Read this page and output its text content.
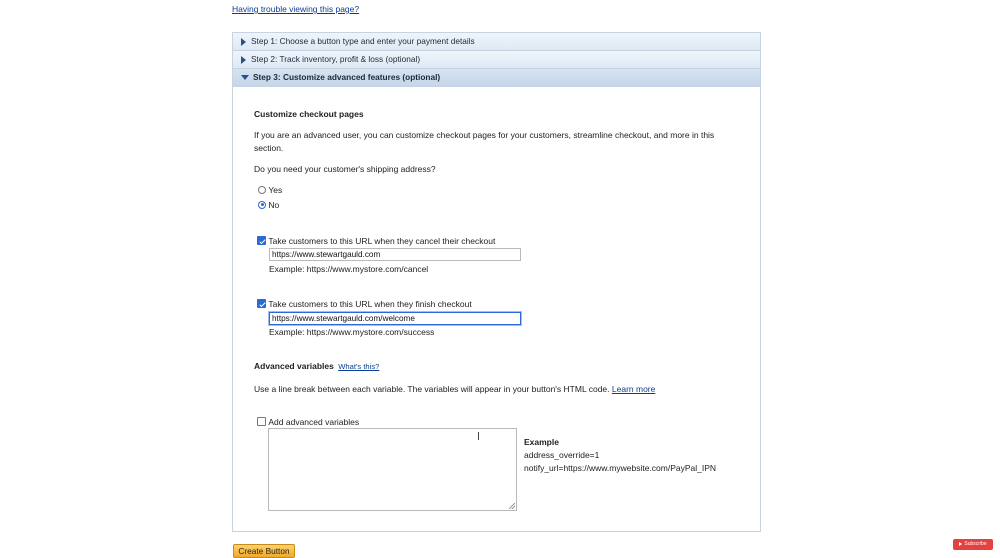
Having trouble viewing this page?
Step 1: Choose a button type and enter your payment details
Step 2: Track inventory, profit & loss (optional)
Step 3: Customize advanced features (optional)
Customize checkout pages
If you are an advanced user, you can customize checkout pages for your customers, streamline checkout, and more in this
section.
Do you need your customer's shipping address?
Yes
No
Take customers to this URL when they cancel their checkout
https://www.stewartgauld.com
Example: https://www.mystore.com/cancel
Take customers to this URL when they finish checkout
https://www.stewartgauld.com/welcome
Example: https://www.mystore.com/success
Advanced variables What's this?
Use a line break between each variable. The variables will appear in your button's HTML code. Learn more
Add advanced variables
Example
address_override=1
notify_url=https://www.mywebsite.com/PayPal_IPN
Create Button
Subscribe
